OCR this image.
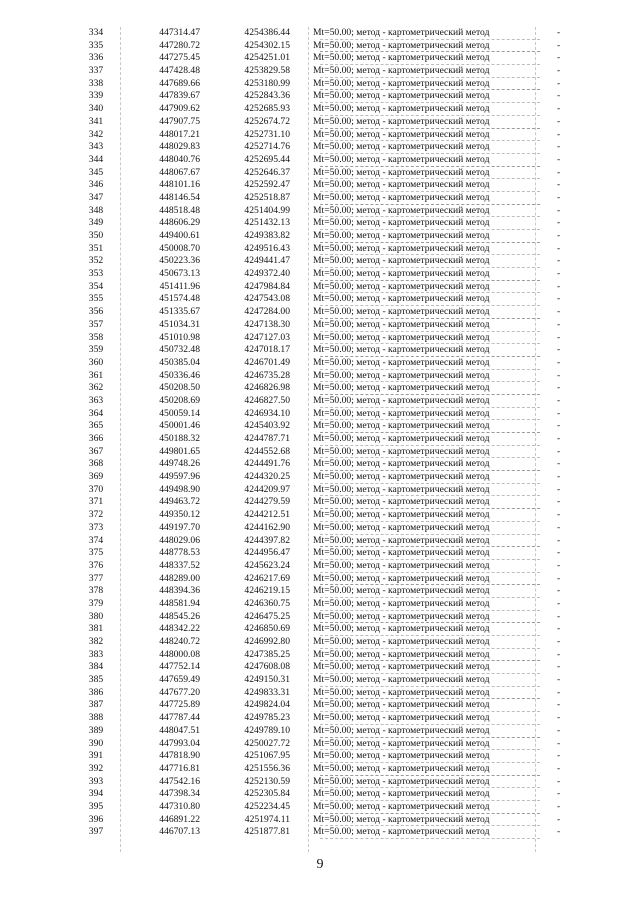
334	447314.47	4254386.44 Mt=50.00; метод - картометрический метод	-
335	447280.72	4254302.15 Mt=50.00; метод - картометрический метод	-
336	447275.45	4254251.01 Mt=50.00; метод - картометрический метод	-
337	447428.48	4253829.58 Mt=50.00; метод - картометрический метод	-
338	447689.66	4253180.99 Mt=50.00; метод - картометрический метод	-
339	447839.67	4252843.36 Mt=50.00; метод - картометрический метод	-
340	447909.62	4252685.93 Mt=50.00; метод - картометрический метод	-
341	447907.75	4252674.72 Mt=50.00; метод - картометрический метод	-
342	448017.21	4252731.10 Mt=50.00; метод - картометрический метод	-
343	448029.83	4252714.76 Mt=50.00; метод - картометрический метод	-
344	448040.76	4252695.44 Mt=50.00; метод - картометрический метод	-
345	448067.67	4252646.37 Mt=50.00; метод - картометрический метод	-
346	448101.16	4252592.47 Mt=50.00; метод - картометрический метод	-
347	448146.54	4252518.87 Mt=50.00; метод - картометрический метод	-
348	448518.48	4251404.99 Mt=50.00; метод - картометрический метод	-
349	448606.29	4251432.13 Mt=50.00; метод - картометрический метод	-
350	449400.61	4249383.82 Mt=50.00; метод - картометрический метод	-
351	450008.70	4249516.43 Mt=50.00; метод - картометрический метод	-
352	450223.36	4249441.47 Mt=50.00; метод - картометрический метод	-
353	450673.13	4249372.40 Mt=50.00; метод - картометрический метод	-
354	451411.96	4247984.84 Mt=50.00; метод - картометрический метод	-
355	451574.48	4247543.08 Mt=50.00; метод - картометрический метод	-
356	451335.67	4247284.00 Mt=50.00; метод - картометрический метод	-
357	451034.31	4247138.30 Mt=50.00; метод - картометрический метод	-
358	451010.98	4247127.03 Mt=50.00; метод - картометрический метод	-
359	450732.48	4247018.17 Mt=50.00; метод - картометрический метод	-
360	450385.04	4246701.49 Mt=50.00; метод - картометрический метод	-
361	450336.46	4246735.28 Mt=50.00; метод - картометрический метод	-
362	450208.50	4246826.98 Mt=50.00; метод - картометрический метод	-
363	450208.69	4246827.50 Mt=50.00; метод - картометрический метод	-
364	450059.14	4246934.10 Mt=50.00; метод - картометрический метод	-
365	450001.46	4245403.92 Mt=50.00; метод - картометрический метод	-
366	450188.32	4244787.71 Mt=50.00; метод - картометрический метод	-
367	449801.65	4244552.68 Mt=50.00; метод - картометрический метод	-
368	449748.26	4244491.76 Mt=50.00; метод - картометрический метод	-
369	449597.96	4244320.25 Mt=50.00; метод - картометрический метод	-
370	449498.90	4244209.97 Mt=50.00; метод - картометрический метод	-
371	449463.72	4244279.59 Mt=50.00; метод - картометрический метод	-
372	449350.12	4244212.51 Mt=50.00; метод - картометрический метод	-
373	449197.70	4244162.90 Mt=50.00; метод - картометрический метод	-
374	448029.06	4244397.82 Mt=50.00; метод - картометрический метод	-
375	448778.53	4244956.47 Mt=50.00; метод - картометрический метод	-
376	448337.52	4245623.24 Mt=50.00; метод - картометрический метод	-
377	448289.00	4246217.69 Mt=50.00; метод - картометрический метод	-
378	448394.36	4246219.15 Mt=50.00; метод - картометрический метод	-
379	448581.94	4246360.75 Mt=50.00; метод - картометрический метод	-
380	448545.26	4246475.25 Mt=50.00; метод - картометрический метод	-
381	448342.22	4246850.69 Mt=50.00; метод - картометрический метод	-
382	448240.72	4246992.80 Mt=50.00; метод - картометрический метод	-
383	448000.08	4247385.25 Mt=50.00; метод - картометрический метод	-
384	447752.14	4247608.08 Mt=50.00; метод - картометрический метод	-
385	447659.49	4249150.31 Mt=50.00; метод - картометрический метод	-
386	447677.20	4249833.31 Mt=50.00; метод - картометрический метод	-
387	447725.89	4249824.04 Mt=50.00; метод - картометрический метод	-
388	447787.44	4249785.23 Mt=50.00; метод - картометрический метод	-
389	448047.51	4249789.10 Mt=50.00; метод - картометрический метод	-
390	447993.04	4250027.72 Mt=50.00; метод - картометрический метод	-
391	447818.90	4251067.95 Mt=50.00; метод - картометрический метод	-
392	447716.81	4251556.36 Mt=50.00; метод - картометрический метод	-
393	447542.16	4252130.59 Mt=50.00; метод - картометрический метод	-
394	447398.34	4252305.84 Mt=50.00; метод - картометрический метод	-
395	447310.80	4252234.45 Mt=50.00; метод - картометрический метод	-
396	446891.22	4251974.11 Mt=50.00; метод - картометрический метод	-
397	446707.13	4251877.81 Mt=50.00; метод - картометрический метод	-
9
